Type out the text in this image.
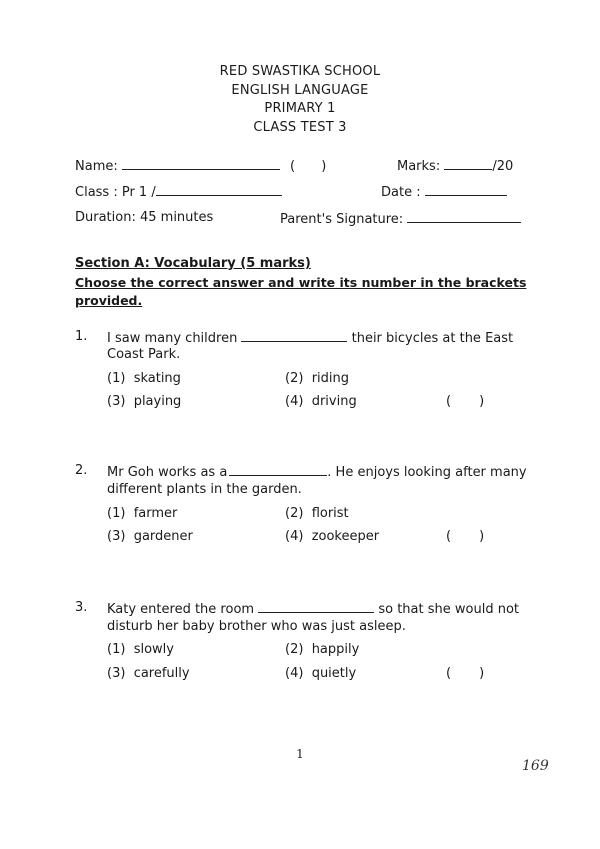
RED SWASTIKA SCHOOL
ENGLISH LANGUAGE
PRIMARY 1
CLASS TEST 3
Name:	( )	Marks:	/20
Class : Pr 1 /	Date :
Duration: 45 minutes	Parent's Signature:
Section A: Vocabulary (5 marks)
Choose the correct answer and write its number in the brackets
provided.
1. I saw many children	their bicycles at the East
Coast Park.
(1) skating	(2) riding
(3) playing	(4) driving	( )
2. Mr Goh works as a	. He enjoys looking after many
different plants in the garden.
(1) farmer	(2) florist
(3) gardener	(4) zookeeper	( )
3. Katy entered the room	so that she would not
disturb her baby brother who was just asleep.
(1) slowly	(2) happily
(3) carefully	(4) quietly	( )
1
169
